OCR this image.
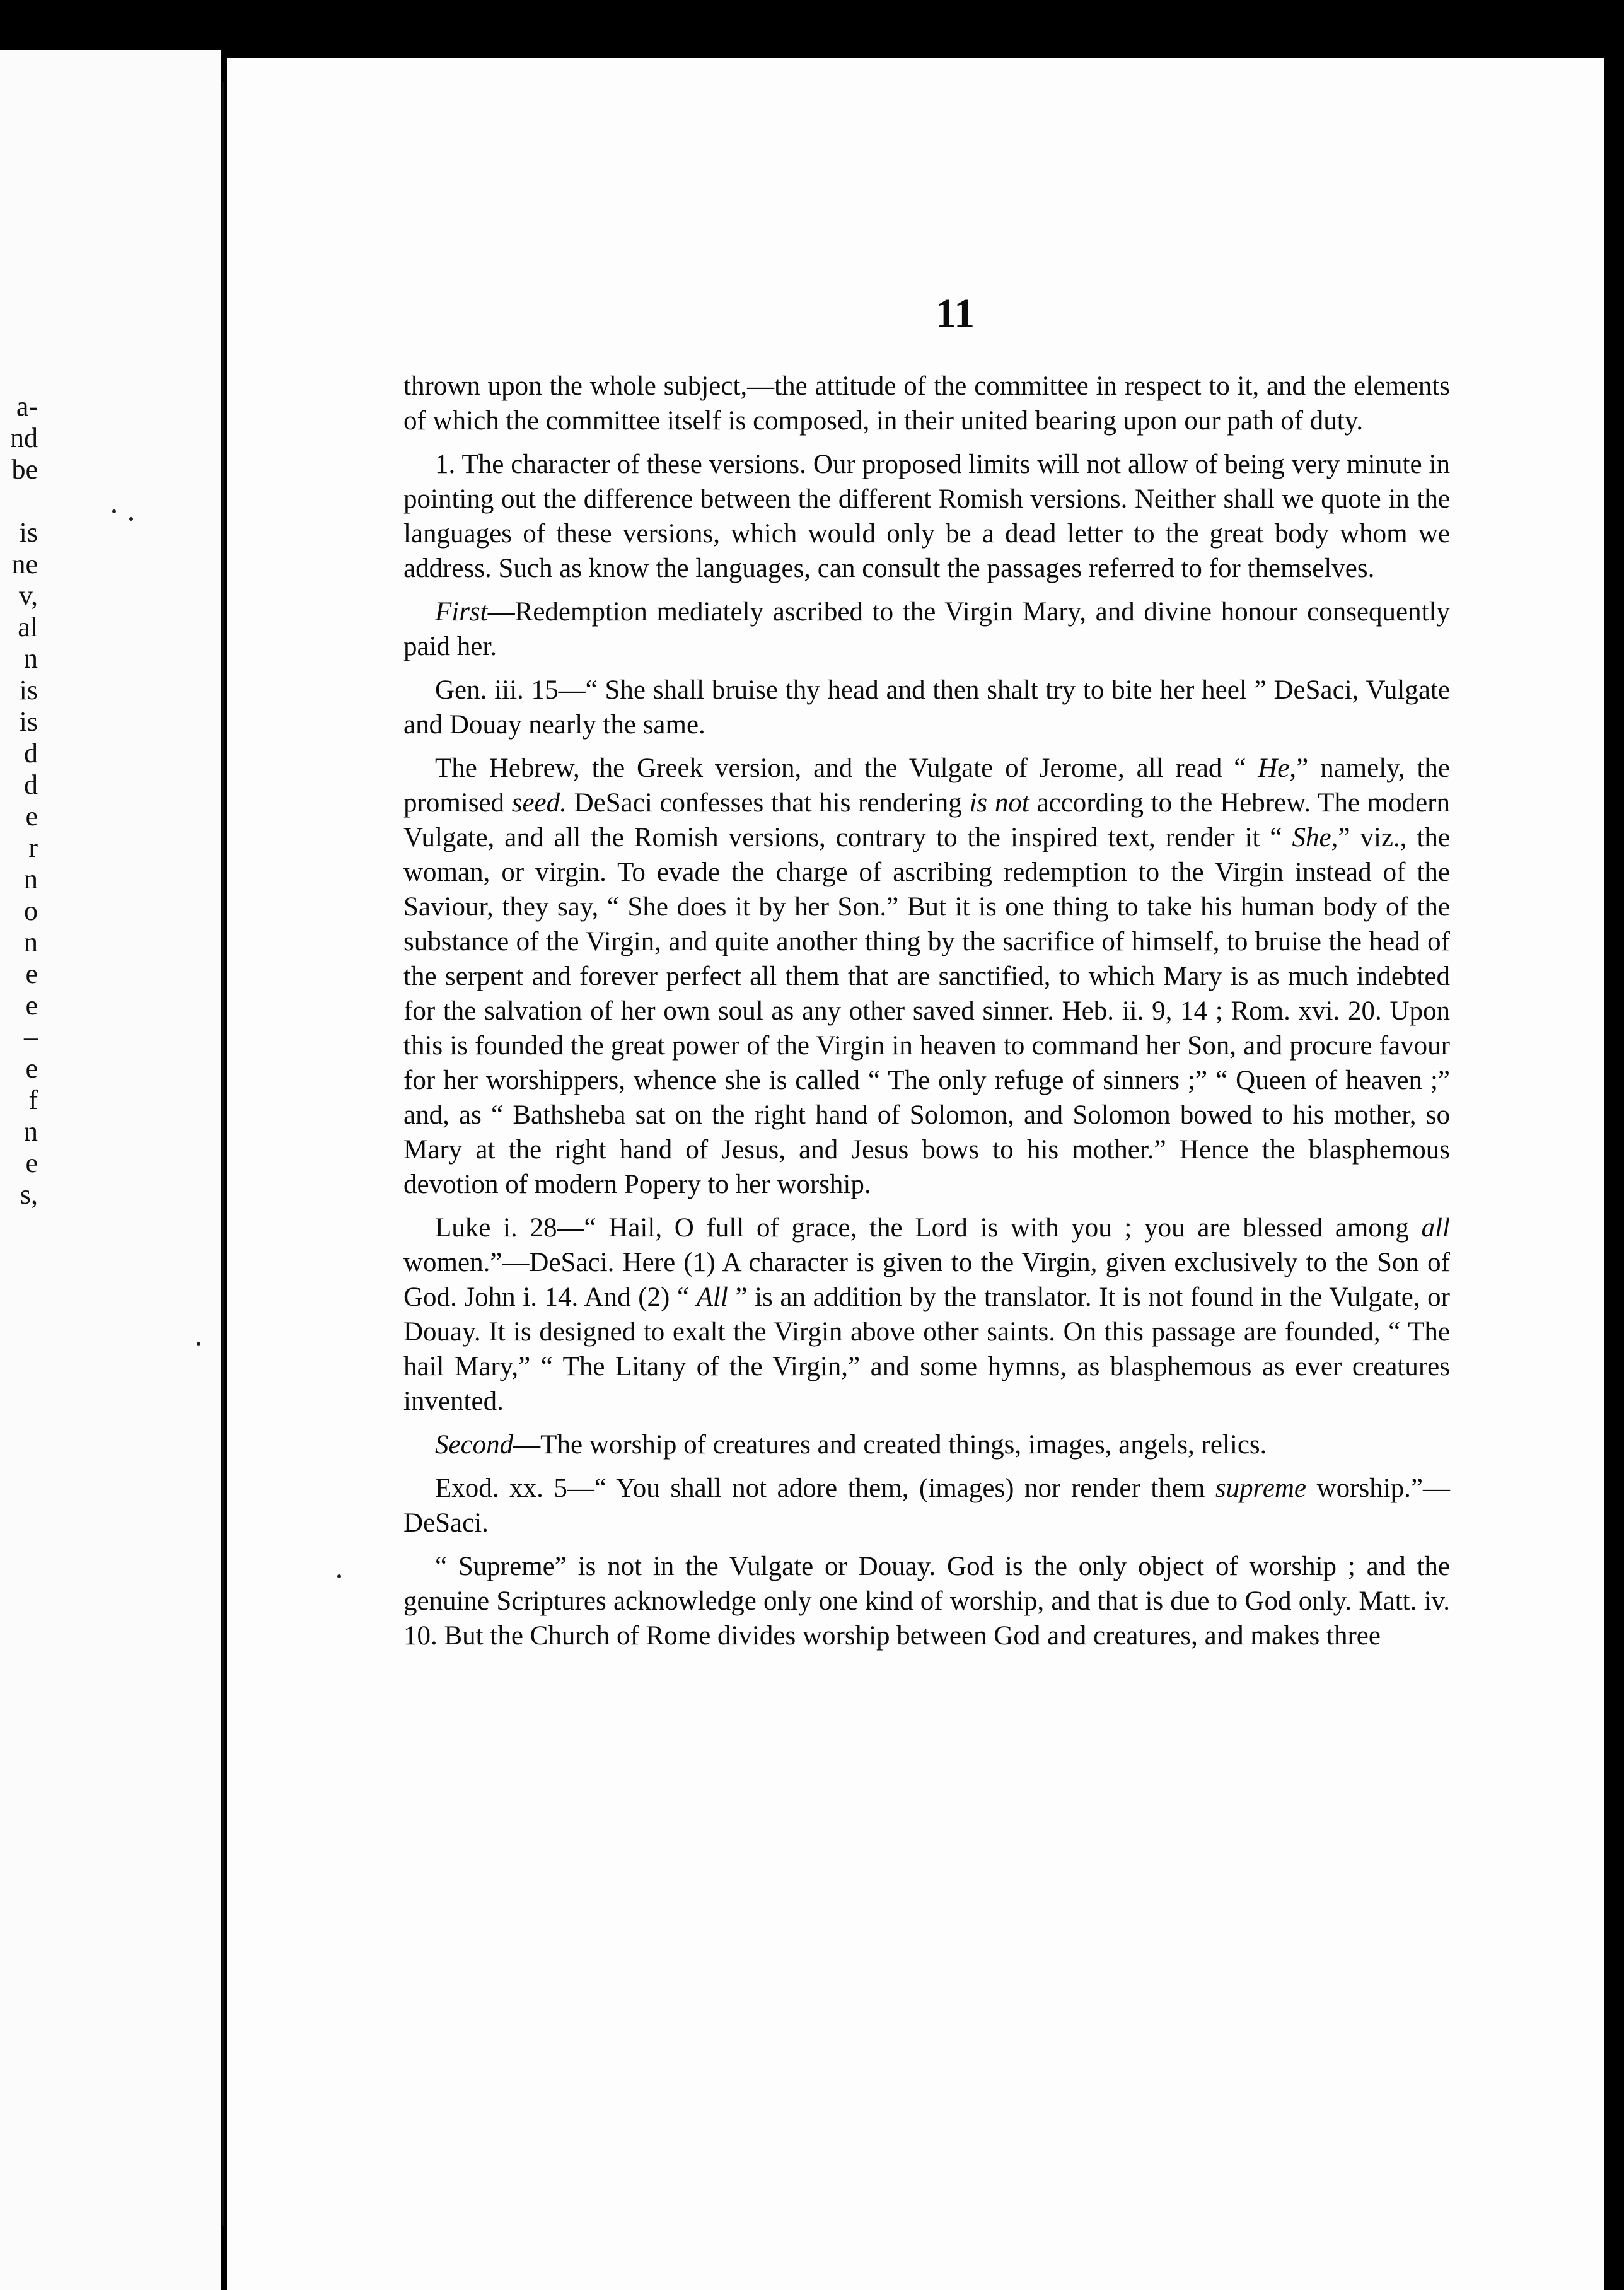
a-
nd
be
is
ne
v,
al
n
is
is
d
d
e
r
n
o
n
e
e
–
e
f
n
e
s,
11

thrown upon the whole subject,—the attitude of the committee in respect to it, and the elements of which the committee itself is composed, in their united bearing upon our path of duty.

1. The character of these versions. Our proposed limits will not allow of being very minute in pointing out the difference between the different Romish versions. Neither shall we quote in the languages of these versions, which would only be a dead letter to the great body whom we address. Such as know the languages, can consult the passages referred to for themselves.

First—Redemption mediately ascribed to the Virgin Mary, and divine honour consequently paid her.

Gen. iii. 15—“ She shall bruise thy head and then shalt try to bite her heel ” DeSaci, Vulgate and Douay nearly the same.

The Hebrew, the Greek version, and the Vulgate of Jerome, all read “ He,” namely, the promised seed. DeSaci confesses that his rendering is not according to the Hebrew. The modern Vulgate, and all the Romish versions, contrary to the inspired text, render it “ She,” viz., the woman, or virgin. To evade the charge of ascribing redemption to the Virgin instead of the Saviour, they say, “ She does it by her Son.” But it is one thing to take his human body of the substance of the Virgin, and quite another thing by the sacrifice of himself, to bruise the head of the serpent and forever perfect all them that are sanctified, to which Mary is as much indebted for the salvation of her own soul as any other saved sinner. Heb. ii. 9, 14 ; Rom. xvi. 20. Upon this is founded the great power of the Virgin in heaven to command her Son, and procure favour for her worshippers, whence she is called “ The only refuge of sinners ;” “ Queen of heaven ;” and, as “ Bathsheba sat on the right hand of Solomon, and Solomon bowed to his mother, so Mary at the right hand of Jesus, and Jesus bows to his mother.” Hence the blasphemous devotion of modern Popery to her worship.

Luke i. 28—“ Hail, O full of grace, the Lord is with you ; you are blessed among all women.”—DeSaci. Here (1) A character is given to the Virgin, given exclusively to the Son of God. John i. 14. And (2) “ All ” is an addition by the translator. It is not found in the Vulgate, or Douay. It is designed to exalt the Virgin above other saints. On this passage are founded, “ The hail Mary,” “ The Litany of the Virgin,” and some hymns, as blasphemous as ever creatures invented.

Second—The worship of creatures and created things, images, angels, relics.

Exod. xx. 5—“ You shall not adore them, (images) nor render them supreme worship.”—DeSaci.

“ Supreme” is not in the Vulgate or Douay. God is the only object of worship ; and the genuine Scriptures acknowledge only one kind of worship, and that is due to God only. Matt. iv. 10. But the Church of Rome divides worship between God and creatures, and makes three
